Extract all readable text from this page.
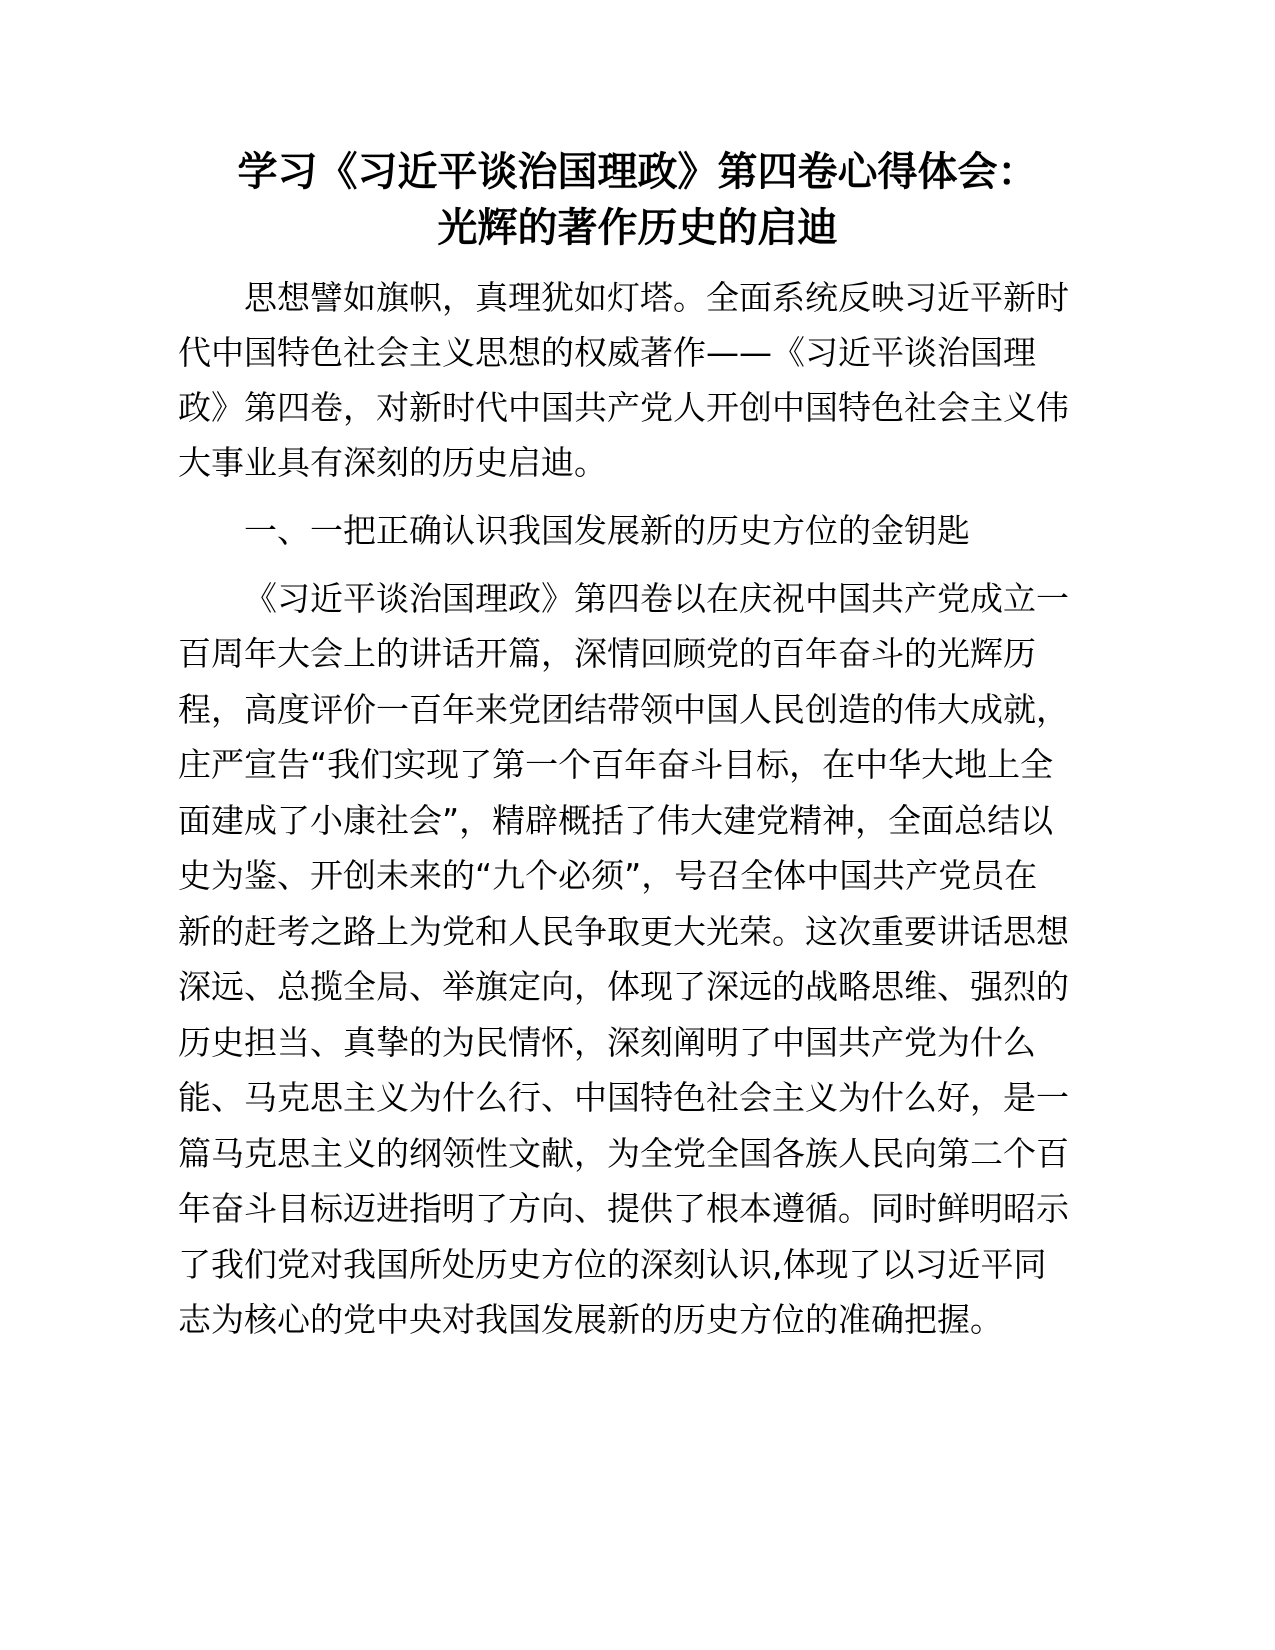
学习《习近平谈治国理政》第四卷心得体会：
光辉的著作历史的启迪
思想譬如旗帜，真理犹如灯塔。全面系统反映习近平新时
代中国特色社会主义思想的权威著作——《习近平谈治国理
政》第四卷，对新时代中国共产党人开创中国特色社会主义伟
大事业具有深刻的历史启迪。
一、一把正确认识我国发展新的历史方位的金钥匙
《习近平谈治国理政》第四卷以在庆祝中国共产党成立一
百周年大会上的讲话开篇，深情回顾党的百年奋斗的光辉历
程，高度评价一百年来党团结带领中国人民创造的伟大成就，
庄严宣告“我们实现了第一个百年奋斗目标，在中华大地上全
面建成了小康社会”，精辟概括了伟大建党精神，全面总结以
史为鉴、开创未来的“九个必须”，号召全体中国共产党员在
新的赶考之路上为党和人民争取更大光荣。这次重要讲话思想
深远、总揽全局、举旗定向，体现了深远的战略思维、强烈的
历史担当、真挚的为民情怀，深刻阐明了中国共产党为什么
能、马克思主义为什么行、中国特色社会主义为什么好，是一
篇马克思主义的纲领性文献，为全党全国各族人民向第二个百
年奋斗目标迈进指明了方向、提供了根本遵循。同时鲜明昭示
了我们党对我国所处历史方位的深刻认识,体现了以习近平同
志为核心的党中央对我国发展新的历史方位的准确把握。
